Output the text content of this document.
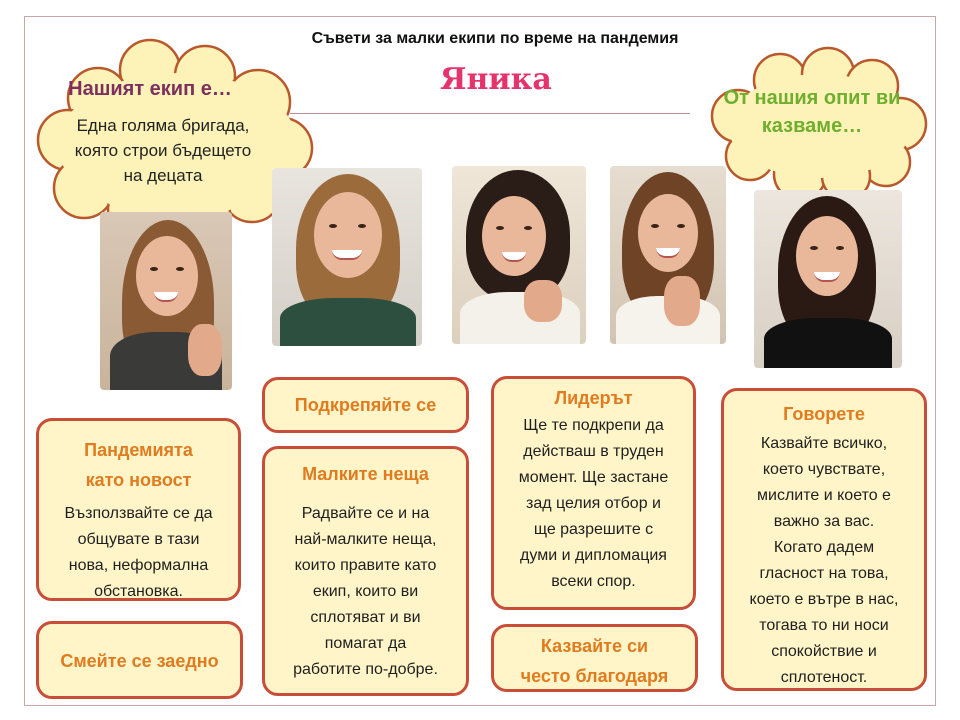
Съвети за малки екипи по време на пандемия
Яника
Нашият екип е…
Една голяма бригада,
която строи бъдещето
на децата
От нашия опит ви
казваме…
Пандемията
като новост
Възползвайте се да
общувате в тази
нова, неформална
обстановка.
Смейте се заедно
Подкрепяйте се
Малките неща
Радвайте се и на
най-малките неща,
които правите като
екип, които ви
сплотяват и ви
помагат да
работите по-добре.
Лидерът
Ще те подкрепи да
действаш в труден
момент. Ще застане
зад целия отбор и
ще разрешите с
думи и дипломация
всеки спор.
Казвайте си
често благодаря
Говорете
Казвайте всичко,
което чувствате,
мислите и което е
важно за вас.
Когато дадем
гласност на това,
което е вътре в нас,
тогава то ни носи
спокойствие и
сплотеност.
